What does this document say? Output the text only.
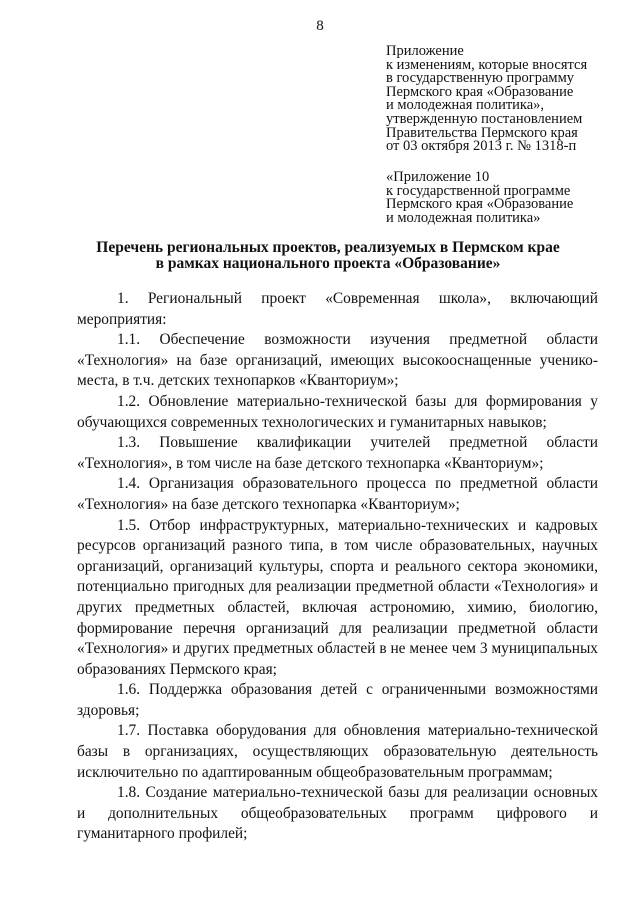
8
Приложение
к изменениям, которые вносятся
в государственную программу
Пермского края «Образование
и молодежная политика»,
утвержденную постановлением
Правительства Пермского края
от 03 октября 2013 г. № 1318-п
«Приложение 10
к государственной программе
Пермского края «Образование
и молодежная политика»
Перечень региональных проектов, реализуемых в Пермском крае
в рамках национального проекта «Образование»

1. Региональный проект «Современная школа», включающий мероприятия:

1.1. Обеспечение возможности изучения предметной области «Технология» на базе организаций, имеющих высокооснащенные ученико-места, в т.ч. детских технопарков «Кванториум»;

1.2. Обновление материально-технической базы для формирования у обучающихся современных технологических и гуманитарных навыков;

1.3. Повышение квалификации учителей предметной области «Технология», в том числе на базе детского технопарка «Кванториум»;

1.4. Организация образовательного процесса по предметной области «Технология» на базе детского технопарка «Кванториум»;

1.5. Отбор инфраструктурных, материально-технических и кадровых ресурсов организаций разного типа, в том числе образовательных, научных организаций, организаций культуры, спорта и реального сектора экономики, потенциально пригодных для реализации предметной области «Технология» и других предметных областей, включая астрономию, химию, биологию, формирование перечня организаций для реализации предметной области «Технология» и других предметных областей в не менее чем 3 муниципальных образованиях Пермского края;

1.6. Поддержка образования детей с ограниченными возможностями здоровья;

1.7. Поставка оборудования для обновления материально-технической базы в организациях, осуществляющих образовательную деятельность исключительно по адаптированным общеобразовательным программам;

1.8. Создание материально-технической базы для реализации основных и дополнительных общеобразовательных программ цифрового и гуманитарного профилей;
